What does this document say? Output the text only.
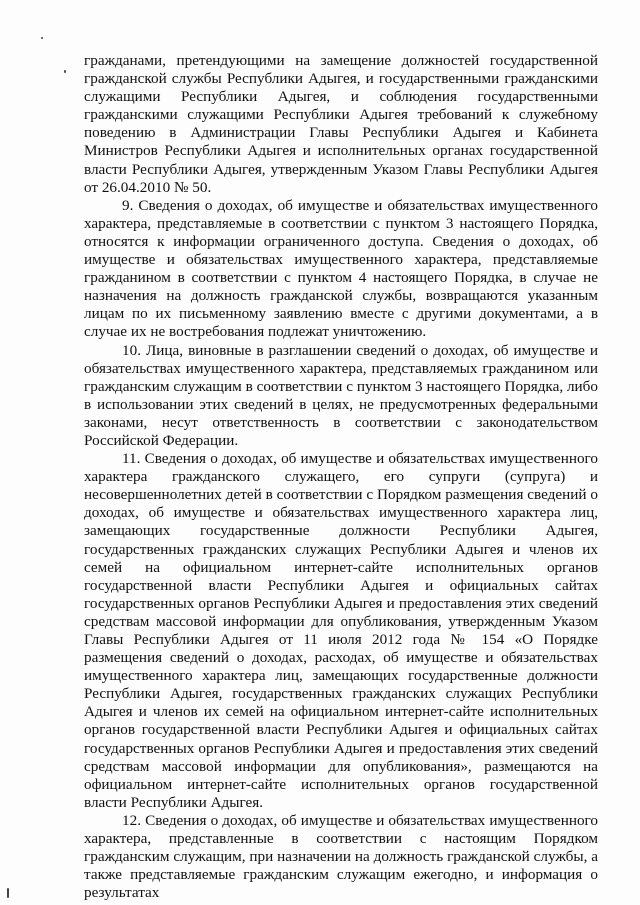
гражданами, претендующими на замещение должностей государственной гражданской службы Республики Адыгея, и государственными гражданскими служащими Республики Адыгея, и соблюдения государственными гражданскими служащими Республики Адыгея требований к служебному поведению в Администрации Главы Республики Адыгея и Кабинета Министров Республики Адыгея и исполнительных органах государственной власти Республики Адыгея, утвержденным Указом Главы Республики Адыгея от 26.04.2010 № 50.

9. Сведения о доходах, об имуществе и обязательствах имущественного характера, представляемые в соответствии с пунктом 3 настоящего Порядка, относятся к информации ограниченного доступа. Сведения о доходах, об имуществе и обязательствах имущественного характера, представляемые гражданином в соответствии с пунктом 4 настоящего Порядка, в случае не назначения на должность гражданской службы, возвращаются указанным лицам по их письменному заявлению вместе с другими документами, а в случае их не востребования подлежат уничтожению.

10. Лица, виновные в разглашении сведений о доходах, об имуществе и обязательствах имущественного характера, представляемых гражданином или гражданским служащим в соответствии с пунктом 3 настоящего Порядка, либо в использовании этих сведений в целях, не предусмотренных федеральными законами, несут ответственность в соответствии с законодательством Российской Федерации.

11. Сведения о доходах, об имуществе и обязательствах имущественного характера гражданского служащего, его супруги (супруга) и несовершеннолетних детей в соответствии с Порядком размещения сведений о доходах, об имуществе и обязательствах имущественного характера лиц, замещающих государственные должности Республики Адыгея, государственных гражданских служащих Республики Адыгея и членов их семей на официальном интернет-сайте исполнительных органов государственной власти Республики Адыгея и официальных сайтах государственных органов Республики Адыгея и предоставления этих сведений средствам массовой информации для опубликования, утвержденным Указом Главы Республики Адыгея от 11 июля 2012 года № 154 «О Порядке размещения сведений о доходах, расходах, об имуществе и обязательствах имущественного характера лиц, замещающих государственные должности Республики Адыгея, государственных гражданских служащих Республики Адыгея и членов их семей на официальном интернет-сайте исполнительных органов государственной власти Республики Адыгея и официальных сайтах государственных органов Республики Адыгея и предоставления этих сведений средствам массовой информации для опубликования», размещаются на официальном интернет-сайте исполнительных органов государственной власти Республики Адыгея.

12. Сведения о доходах, об имуществе и обязательствах имущественного характера, представленные в соответствии с настоящим Порядком гражданским служащим, при назначении на должность гражданской службы, а также представляемые гражданским служащим ежегодно, и информация о результатах
